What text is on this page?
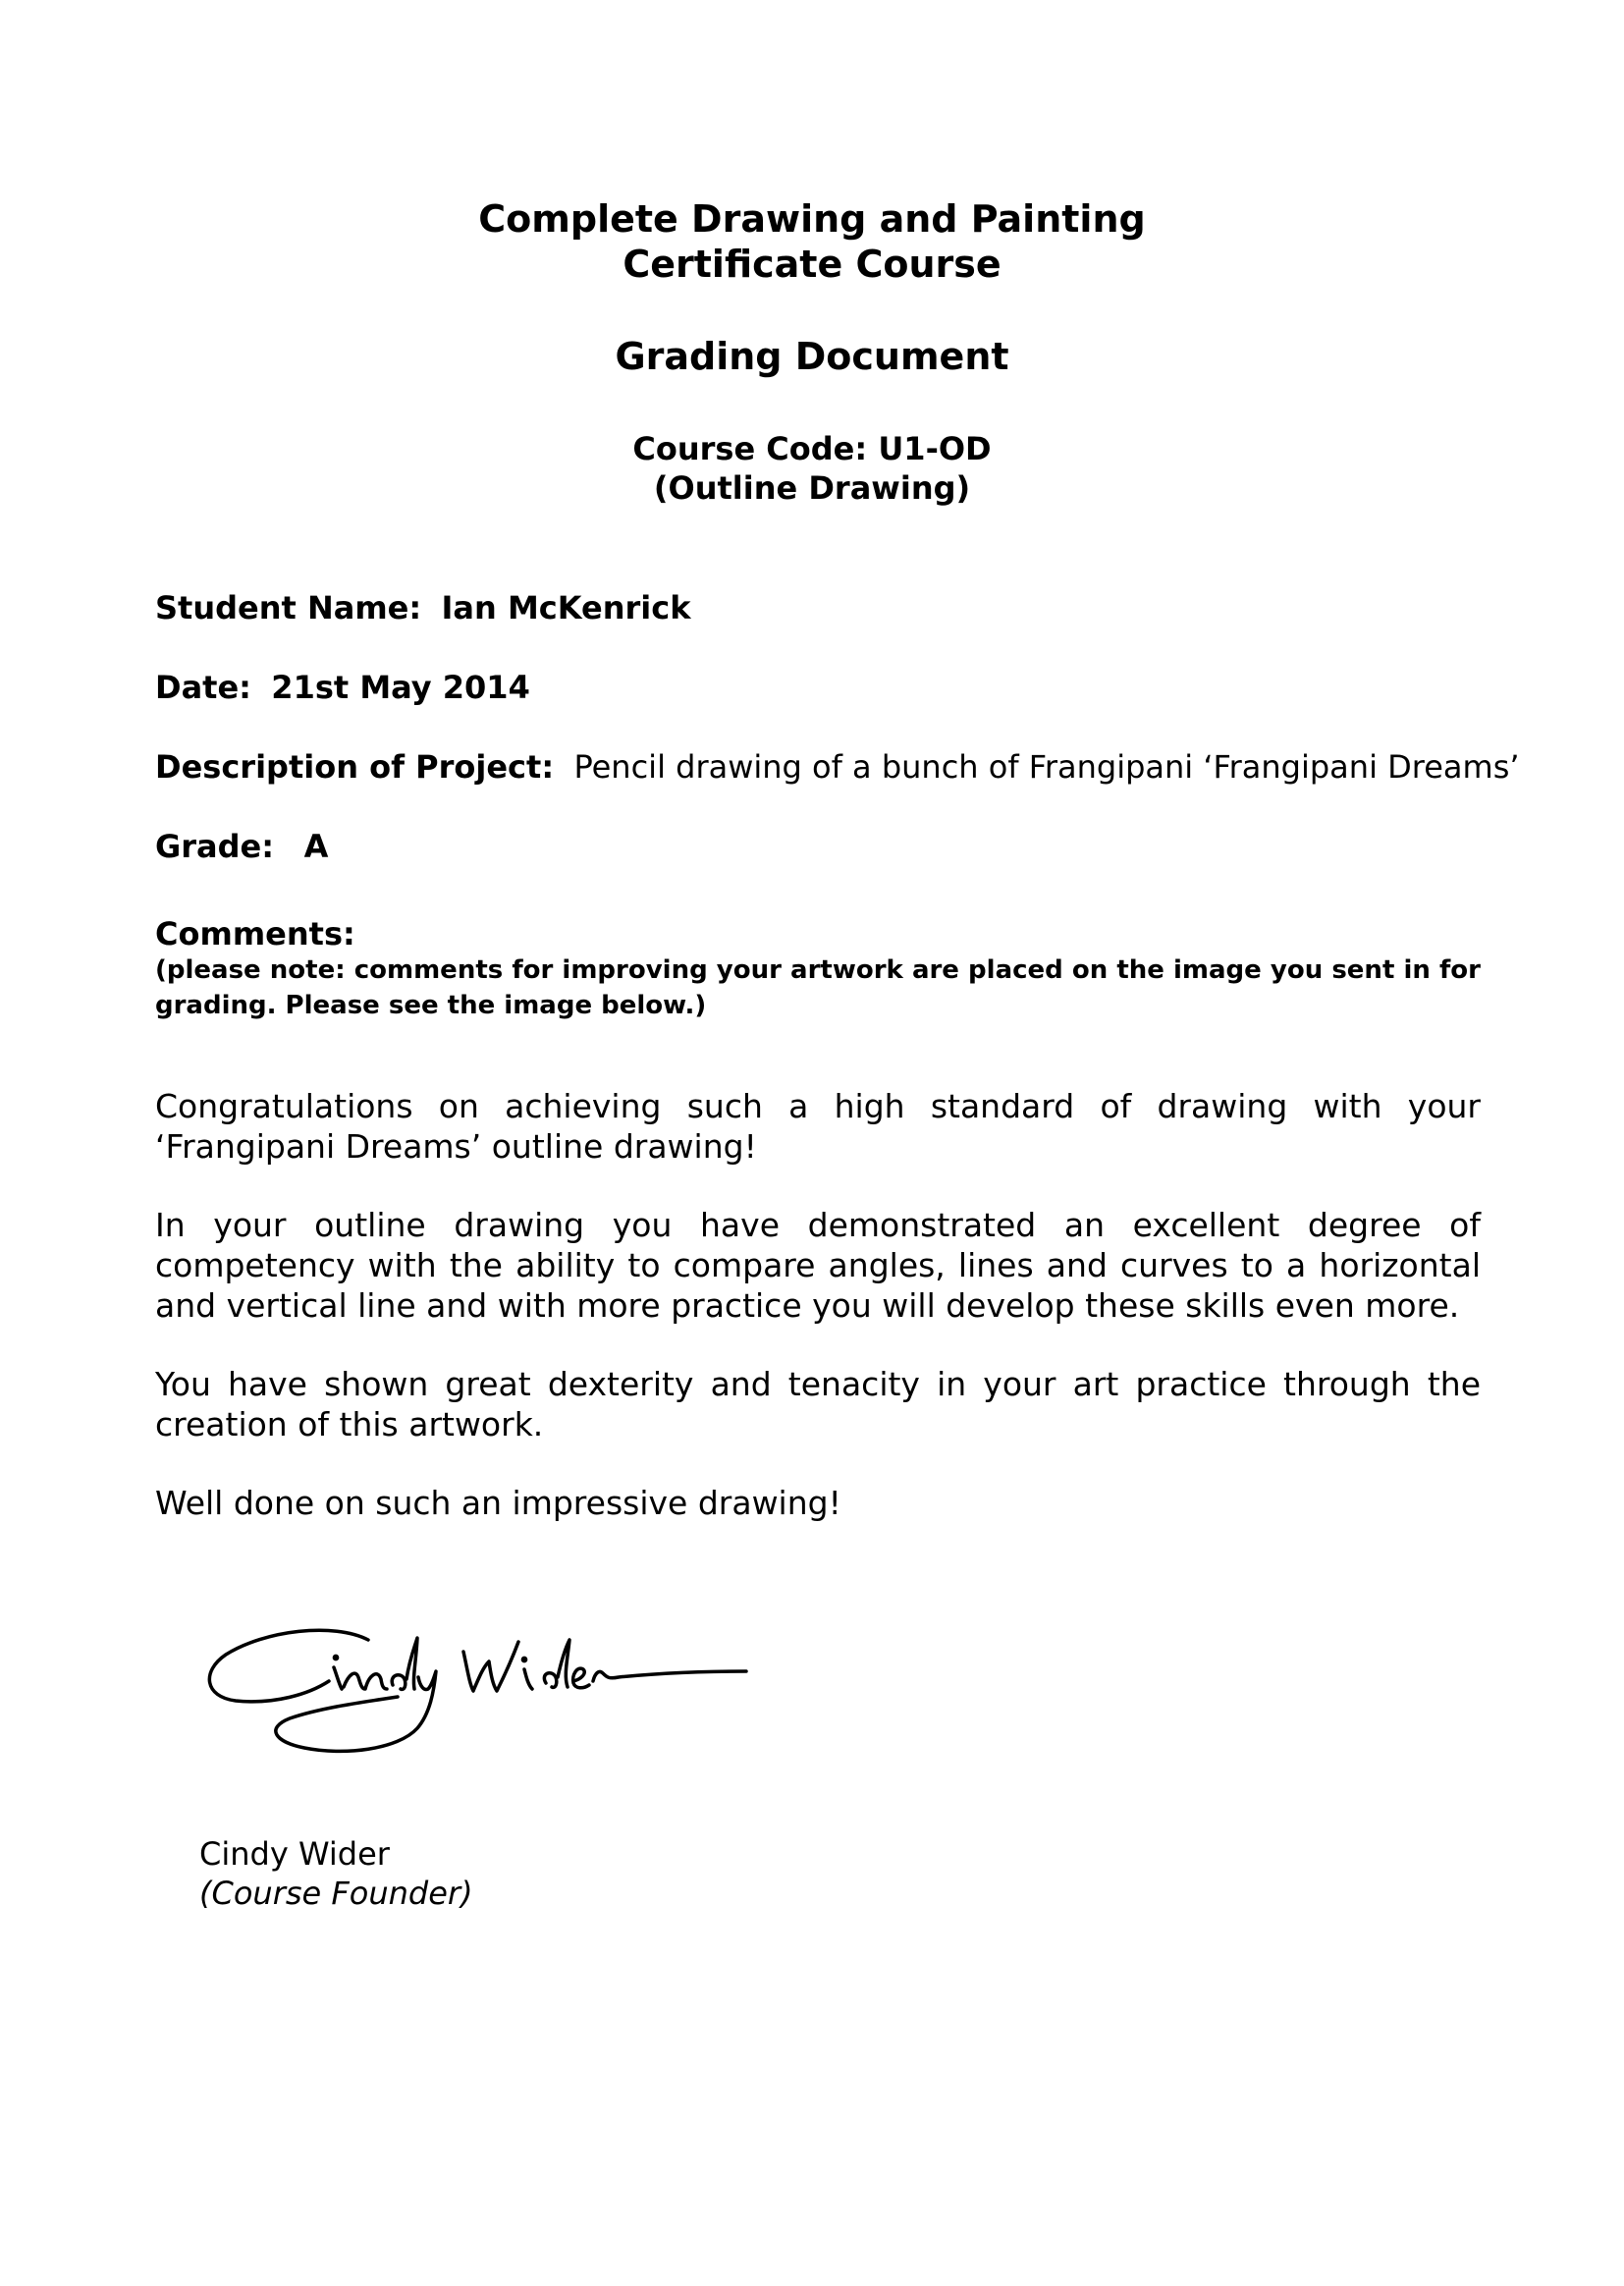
Complete Drawing and Painting
Certificate Course
Grading Document
Course Code: U1-OD
(Outline Drawing)
Student Name: Ian McKenrick
Date: 21st May 2014
Description of Project: Pencil drawing of a bunch of Frangipani ‘Frangipani Dreams’
Grade: A
Comments:
(please note: comments for improving your artwork are placed on the image you sent in for grading. Please see the image below.)
Congratulations on achieving such a high standard of drawing with your ‘Frangipani Dreams’ outline drawing!
In your outline drawing you have demonstrated an excellent degree of competency with the ability to compare angles, lines and curves to a horizontal and vertical line and with more practice you will develop these skills even more.
You have shown great dexterity and tenacity in your art practice through the creation of this artwork.
Well done on such an impressive drawing!
Cindy Wider
(Course Founder)
